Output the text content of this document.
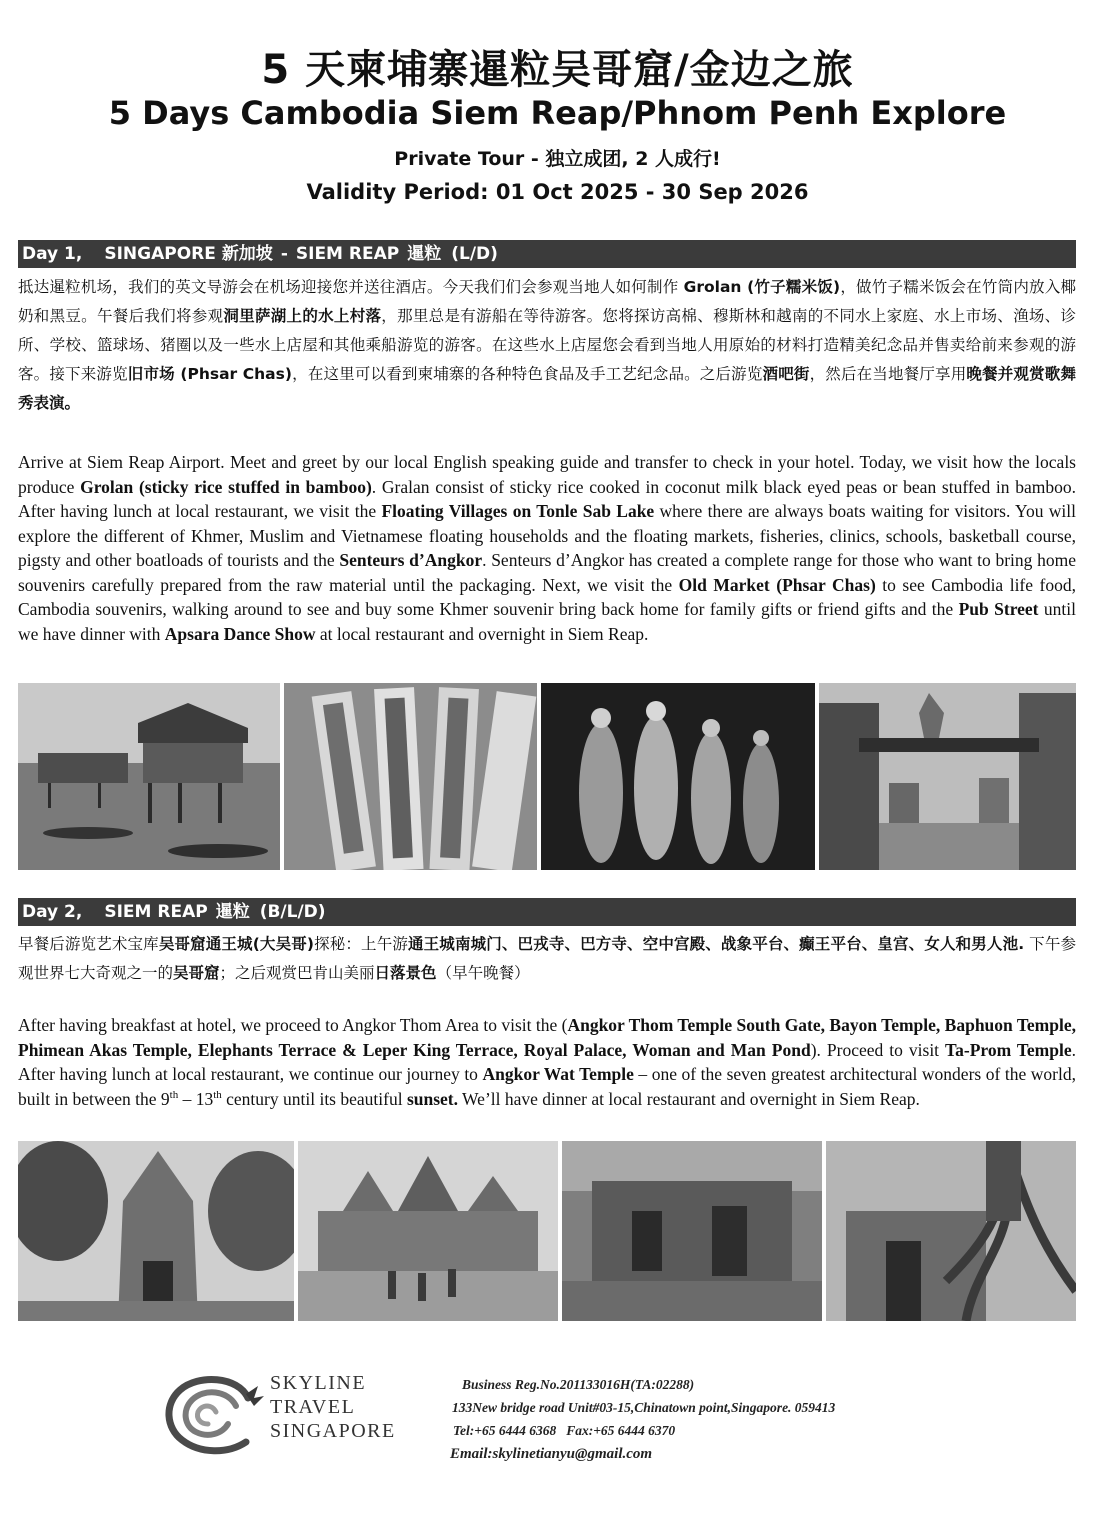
5 天柬埔寨暹粒吴哥窟/金边之旅
5 Days Cambodia Siem Reap/Phnom Penh Explore
Private Tour - 独立成团, 2 人成行!
Validity Period: 01 Oct 2025 - 30 Sep 2026
Day 1, SINGAPORE 新加坡 - SIEM REAP 暹粒 (L/D)
抵达暹粒机场，我们的英文导游会在机场迎接您并送往酒店。今天我们们会参观当地人如何制作 Grolan (竹子糯米饭)，做竹子糯米饭会在竹筒内放入椰奶和黑豆。午餐后我们将参观洞里萨湖上的水上村落，那里总是有游船在等待游客。您将探访高棉、穆斯林和越南的不同水上家庭、水上市场、渔场、诊所、学校、篮球场、猪圈以及一些水上店屋和其他乘船游览的游客。在这些水上店屋您会看到当地人用原始的材料打造精美纪念品并售卖给前来参观的游客。接下来游览旧市场 (Phsar Chas)，在这里可以看到柬埔寨的各种特色食品及手工艺纪念品。之后游览酒吧街，然后在当地餐厅享用晚餐并观赏歌舞秀表演。
Arrive at Siem Reap Airport. Meet and greet by our local English speaking guide and transfer to check in your hotel. Today, we visit how the locals produce Grolan (sticky rice stuffed in bamboo). Gralan consist of sticky rice cooked in coconut milk black eyed peas or bean stuffed in bamboo. After having lunch at local restaurant, we visit the Floating Villages on Tonle Sab Lake where there are always boats waiting for visitors. You will explore the different of Khmer, Muslim and Vietnamese floating households and the floating markets, fisheries, clinics, schools, basketball course, pigsty and other boatloads of tourists and the Senteurs d’Angkor. Senteurs d’Angkor has created a complete range for those who want to bring home souvenirs carefully prepared from the raw material until the packaging. Next, we visit the Old Market (Phsar Chas) to see Cambodia life food, Cambodia souvenirs, walking around to see and buy some Khmer souvenir bring back home for family gifts or friend gifts and the Pub Street until we have dinner with Apsara Dance Show at local restaurant and overnight in Siem Reap.
Day 2, SIEM REAP 暹粒 (B/L/D)
早餐后游览艺术宝库吴哥窟通王城(大吴哥)探秘：上午游通王城南城门、巴戎寺、巴方寺、空中宫殿、战象平台、癫王平台、皇宫、女人和男人池. 下午参观世界七大奇观之一的吴哥窟；之后观赏巴肯山美丽日落景色（早午晚餐）
After having breakfast at hotel, we proceed to Angkor Thom Area to visit the (Angkor Thom Temple South Gate, Bayon Temple, Baphuon Temple, Phimean Akas Temple, Elephants Terrace & Leper King Terrace, Royal Palace, Woman and Man Pond). Proceed to visit Ta-Prom Temple. After having lunch at local restaurant, we continue our journey to Angkor Wat Temple – one of the seven greatest architectural wonders of the world, built in between the 9th – 13th century until its beautiful sunset. We’ll have dinner at local restaurant and overnight in Siem Reap.
SKYLINE
TRAVEL
SINGAPORE
Business Reg.No.201133016H(TA:02288)
133New bridge road Unit#03-15,Chinatown point,Singapore. 059413
Tel:+65 6444 6368 Fax:+65 6444 6370
Email:skylinetianyu@gmail.com
